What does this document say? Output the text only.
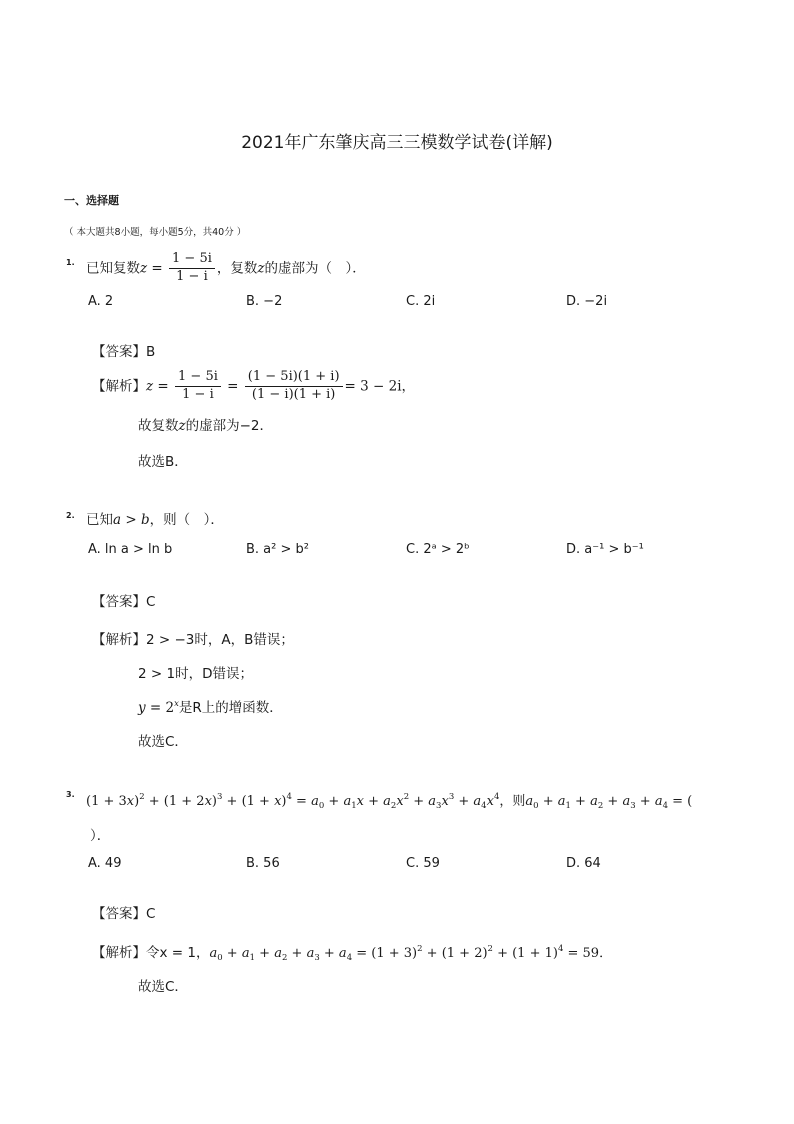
2021年广东肇庆高三三模数学试卷(详解)
一、选择题
（ 本大题共8小题，每小题5分，共40分 ）
1. 已知复数$z = \frac{1 - 5i}{1 - i}$ ，复数z的虚部为（　）．
A. 2	B. −2	C. 2i	D. −2i
【答案】B
【解析】$z = \frac{1 - 5i}{1 - i} = \frac{(1 - 5i)(1 + i)}{(1 - i)(1 + i)} = 3 - 2i$，
故复数z的虚部为−2．
故选B．
2. 已知a > b，则（　）．
A. ln a > ln b	B. a² > b²	C. 2ᵃ > 2ᵇ	D. a⁻¹ > b⁻¹
【答案】C
【解析】2 > −3时，A，B错误；
2 > 1时，D错误；
$y = 2^x$是R上的增函数．
故选C．
3. $(1 + 3x)^2 + (1 + 2x)^3 + (1 + x)^4 = a_0 + a_1x + a_2x^2 + a_3x^3 + a_4x^4$，则$a_0 + a_1 + a_2 + a_3 + a_4$ = (
）．
A. 49	B. 56	C. 59	D. 64
【答案】C
【解析】令x = 1，$a_0 + a_1 + a_2 + a_3 + a_4 = (1 + 3)^2 + (1 + 2)^2 + (1 + 1)^4 = 59$．
故选C．
